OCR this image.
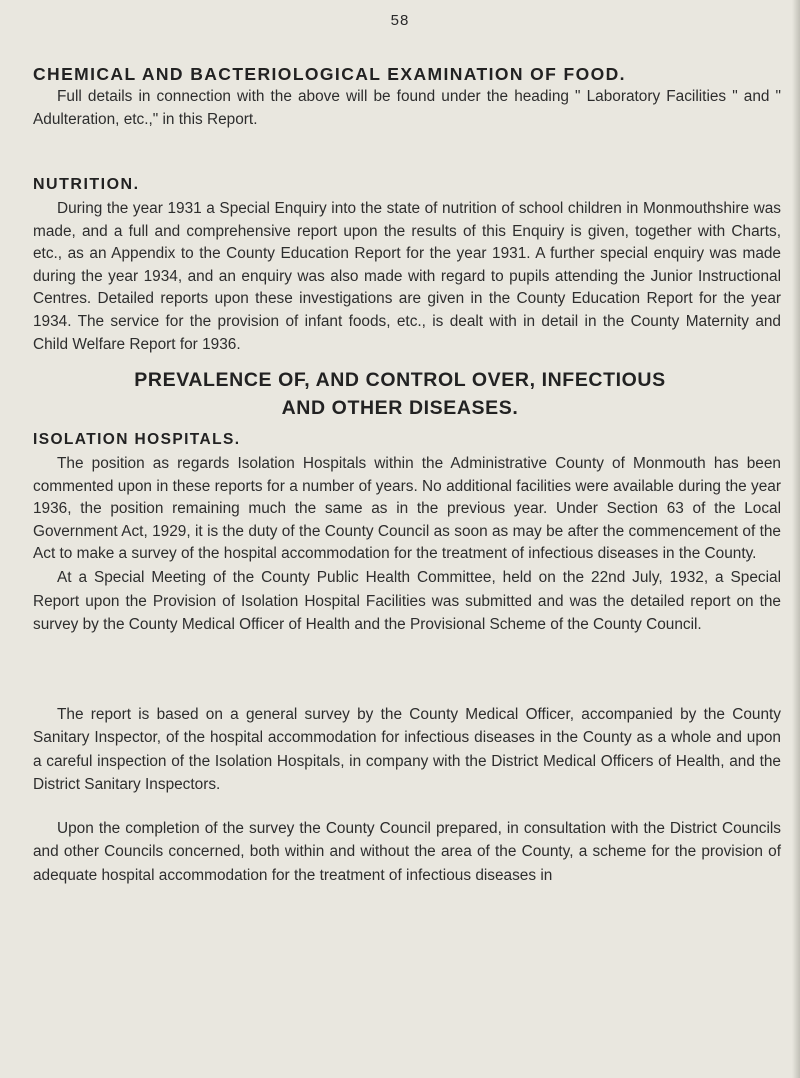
58
CHEMICAL AND BACTERIOLOGICAL EXAMINATION OF FOOD.

Full details in connection with the above will be found under the heading " Laboratory Facilities " and " Adulteration, etc.," in this Report.

NUTRITION.

During the year 1931 a Special Enquiry into the state of nutrition of school children in Monmouthshire was made, and a full and comprehensive report upon the results of this Enquiry is given, together with Charts, etc., as an Appendix to the County Education Report for the year 1931. A further special enquiry was made during the year 1934, and an enquiry was also made with regard to pupils attending the Junior Instructional Centres. Detailed reports upon these investigations are given in the County Education Report for the year 1934. The service for the provision of infant foods, etc., is dealt with in detail in the County Maternity and Child Welfare Report for 1936.

PREVALENCE OF, AND CONTROL OVER, INFECTIOUS
AND OTHER DISEASES.
ISOLATION HOSPITALS.

The position as regards Isolation Hospitals within the Administrative County of Monmouth has been commented upon in these reports for a number of years. No additional facilities were available during the year 1936, the position remaining much the same as in the previous year. Under Section 63 of the Local Government Act, 1929, it is the duty of the County Council as soon as may be after the commencement of the Act to make a survey of the hospital accommodation for the treatment of infectious diseases in the County.

At a Special Meeting of the County Public Health Committee, held on the 22nd July, 1932, a Special Report upon the Provision of Isolation Hospital Facilities was submitted and was the detailed report on the survey by the County Medical Officer of Health and the Provisional Scheme of the County Council.

The report is based on a general survey by the County Medical Officer, accompanied by the County Sanitary Inspector, of the hospital accommodation for infectious diseases in the County as a whole and upon a careful inspection of the Isolation Hospitals, in company with the District Medical Officers of Health, and the District Sanitary Inspectors.

Upon the completion of the survey the County Council prepared, in consultation with the District Councils and other Councils concerned, both within and without the area of the County, a scheme for the provision of adequate hospital accommodation for the treatment of infectious diseases in
